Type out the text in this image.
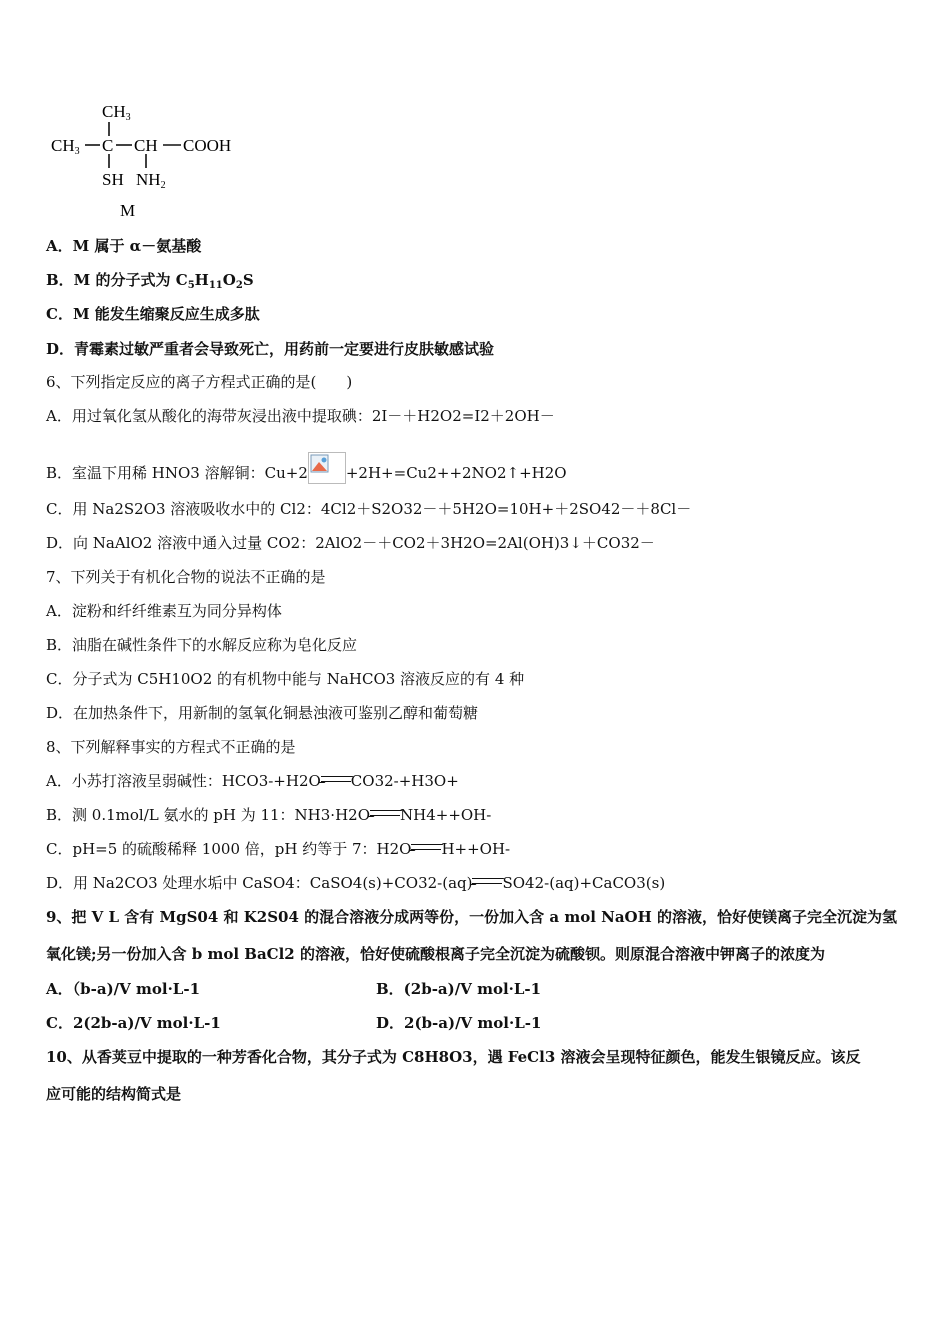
CH3
CH3 C CH COOH
SH NH2
M
A．M 属于 α－氨基酸
B．M 的分子式为 $C_5H_{11}O_2S$
C．M 能发生缩聚反应生成多肽
D．青霉素过敏严重者会导致死亡，用药前一定要进行皮肤敏感试验
6、下列指定反应的离子方程式正确的是(　　)
A．用过氧化氢从酸化的海带灰浸出液中提取碘：2I－＋H2O2=I2＋2OH－
B．室温下用稀 HNO3 溶解铜：Cu+2	+2H+=Cu2++2NO2↑+H2O
C．用 Na2S2O3 溶液吸收水中的 Cl2：4Cl2＋S2O32－＋5H2O=10H+＋2SO42－＋8Cl－
D．向 NaAlO2 溶液中通入过量 CO2：2AlO2－＋CO2＋3H2O=2Al(OH)3↓＋CO32－
7、下列关于有机化合物的说法不正确的是
A．淀粉和纤纤维素互为同分异构体
B．油脂在碱性条件下的水解反应称为皂化反应
C．分子式为 C5H10O2 的有机物中能与 NaHCO3 溶液反应的有 4 种
D．在加热条件下，用新制的氢氧化铜悬浊液可鉴别乙醇和葡萄糖
8、下列解释事实的方程式不正确的是
A．小苏打溶液呈弱碱性：HCO3-+H2O CO32-+H3O+
B．测 0.1mol/L 氨水的 pH 为 11：NH3·H2O NH4++OH-
C．pH=5 的硫酸稀释 1000 倍，pH 约等于 7：H2O H++OH-
D．用 Na2CO3 处理水垢中 CaSO4：CaSO4(s)+CO32-(aq) SO42-(aq)+CaCO3(s)
9、把 V L 含有 MgS04 和 K2S04 的混合溶液分成两等份，一份加入含 a mol NaOH 的溶液，恰好使镁离子完全沉淀为氢
氧化镁;另一份加入含 b mol BaCl2 的溶液，恰好使硫酸根离子完全沉淀为硫酸钡。则原混合溶液中钾离子的浓度为
A．（b-a)/V mol·L-1	B．(2b-a)/V mol·L-1
C．2(2b-a)/V mol·L-1	D．2(b-a)/V mol·L-1
10、从香荚豆中提取的一种芳香化合物，其分子式为 C8H8O3，遇 FeCl3 溶液会呈现特征颜色，能发生银镜反应。该反
应可能的结构简式是
